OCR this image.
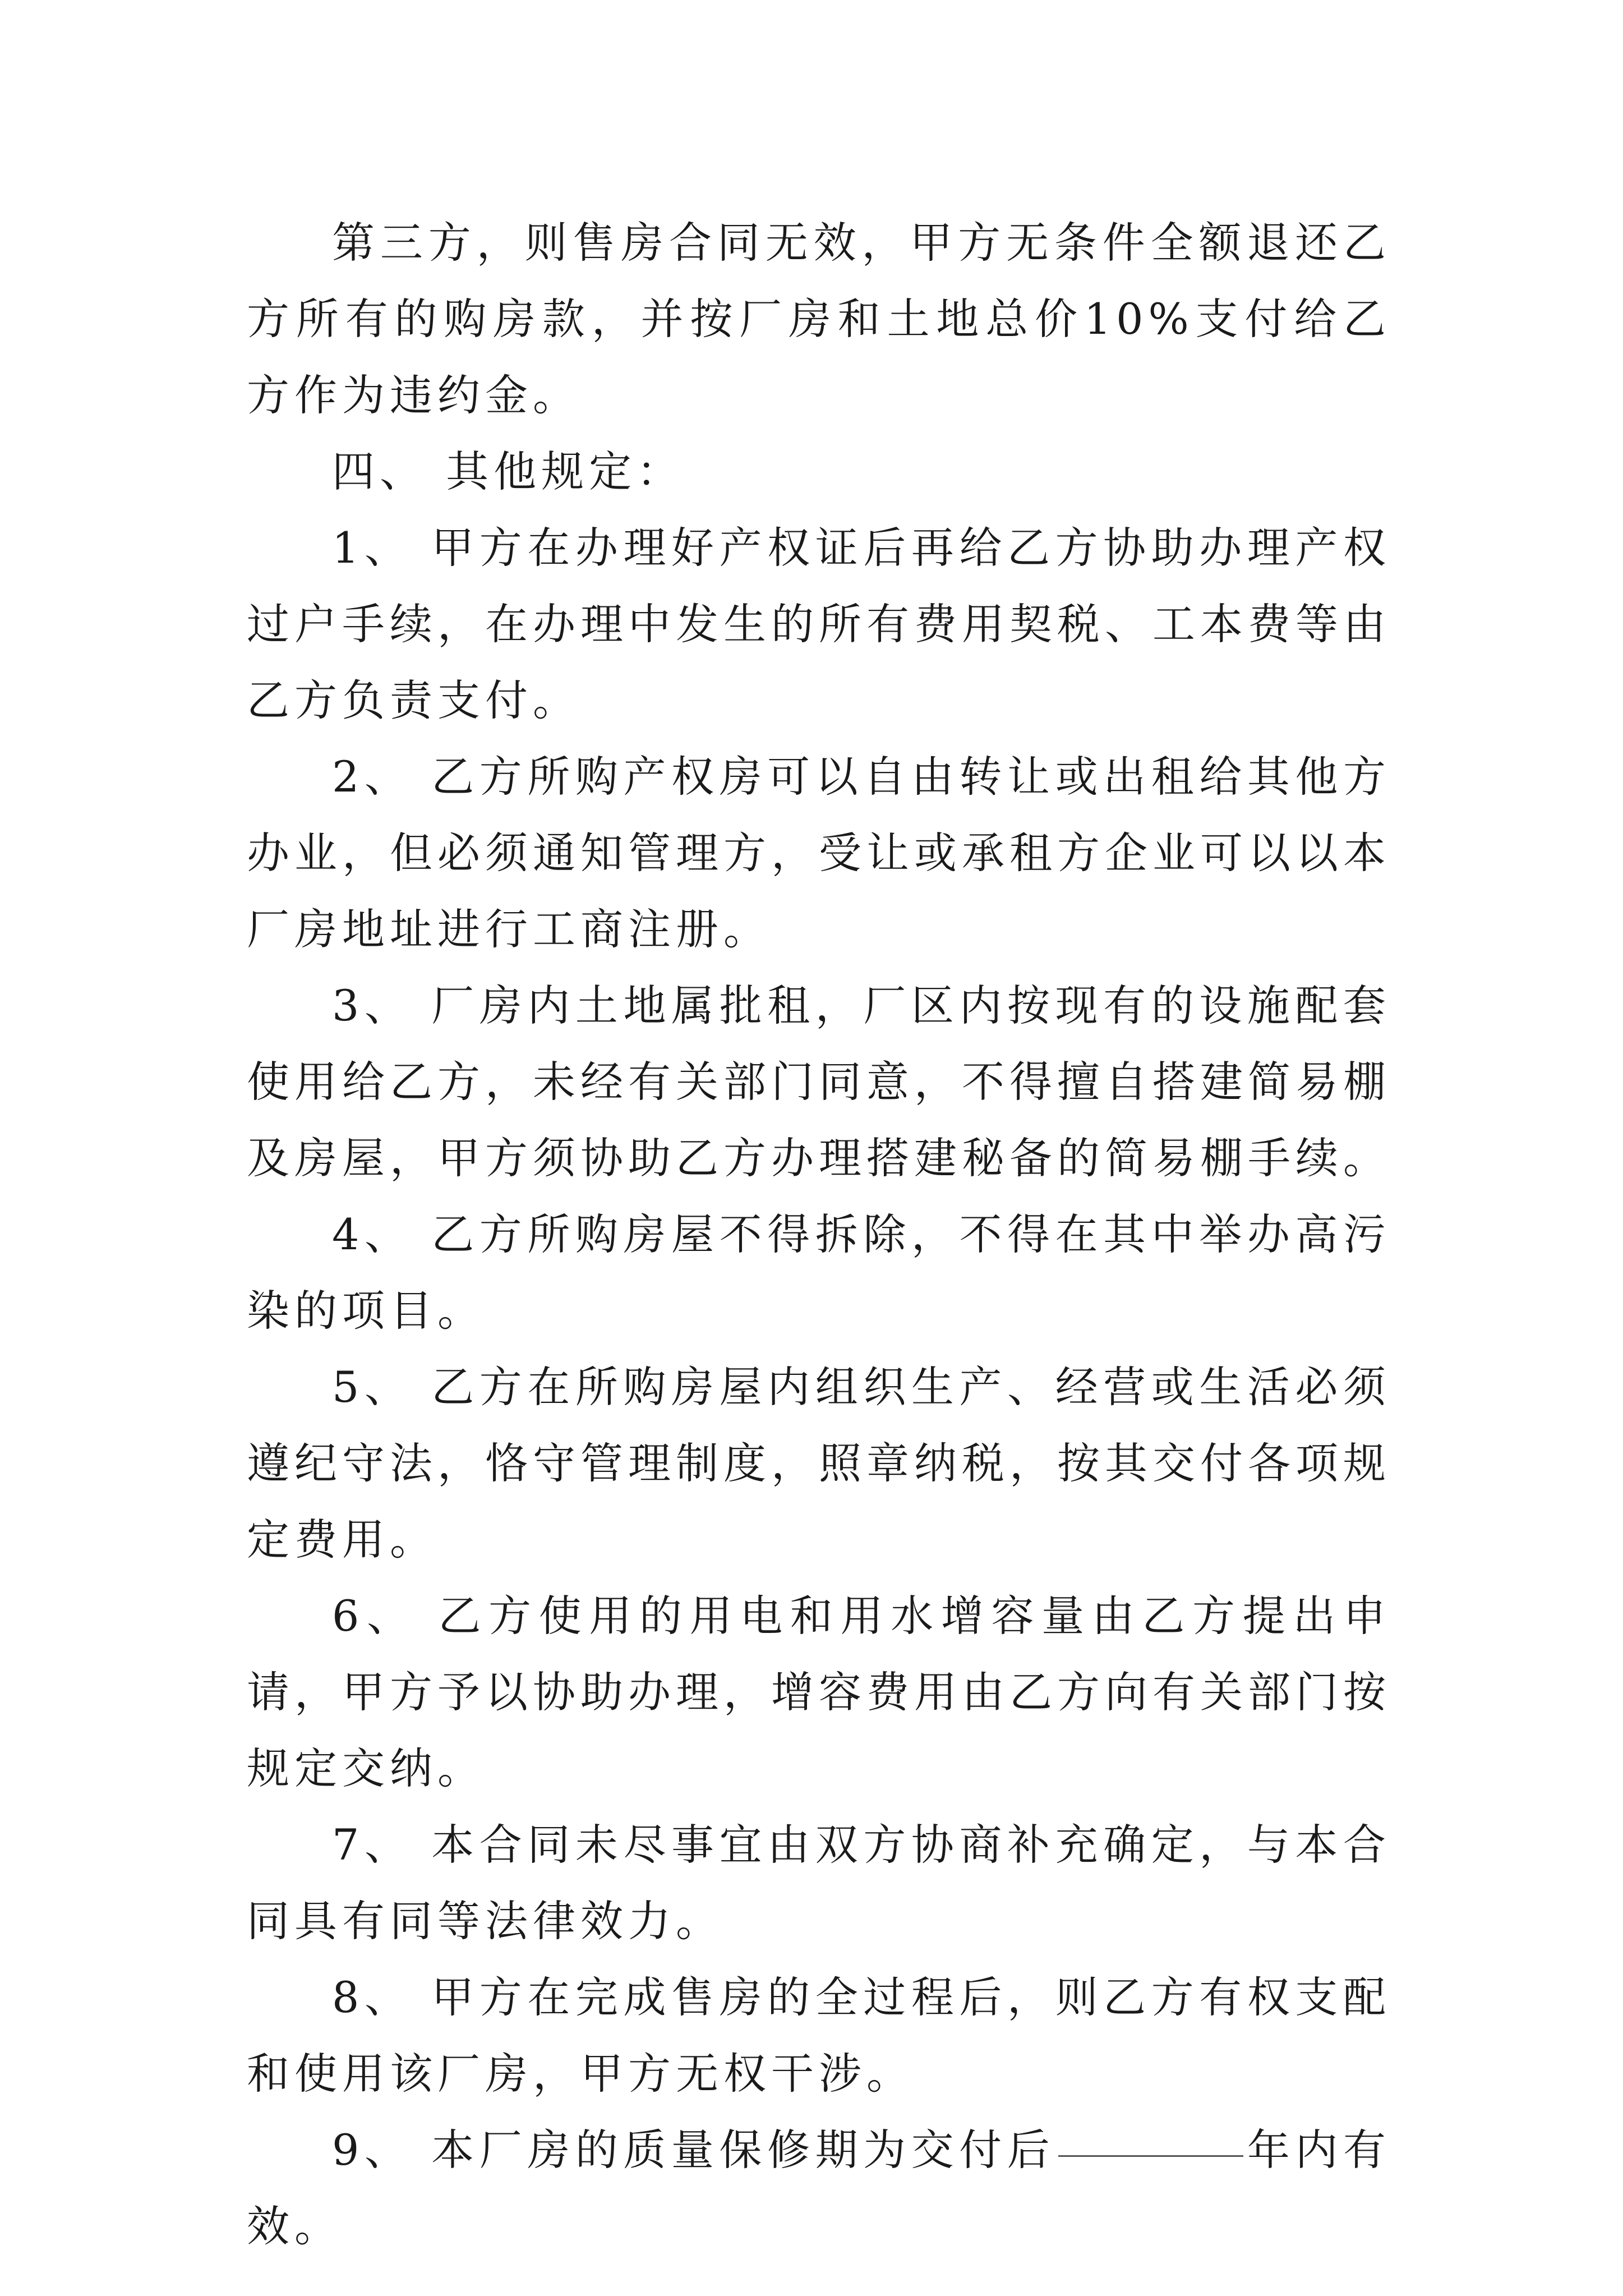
第三方，则售房合同无效，甲方无条件全额退还乙方所有的购房款，并按厂房和土地总价10%支付给乙方作为违约金。

四、 其他规定：

1、 甲方在办理好产权证后再给乙方协助办理产权过户手续，在办理中发生的所有费用契税、工本费等由乙方负责支付。

2、 乙方所购产权房可以自由转让或出租给其他方办业，但必须通知管理方，受让或承租方企业可以以本厂房地址进行工商注册。

3、 厂房内土地属批租，厂区内按现有的设施配套使用给乙方，未经有关部门同意，不得擅自搭建简易棚及房屋，甲方须协助乙方办理搭建秘备的简易棚手续。

4、 乙方所购房屋不得拆除，不得在其中举办高污染的项目。

5、 乙方在所购房屋内组织生产、经营或生活必须遵纪守法，恪守管理制度，照章纳税，按其交付各项规定费用。

6、 乙方使用的用电和用水增容量由乙方提出申请，甲方予以协助办理，增容费用由乙方向有关部门按规定交纳。

7、 本合同未尽事宜由双方协商补充确定，与本合同具有同等法律效力。

8、 甲方在完成售房的全过程后，则乙方有权支配和使用该厂房，甲方无权干涉。

9、 本厂房的质量保修期为交付后	年内有效。
